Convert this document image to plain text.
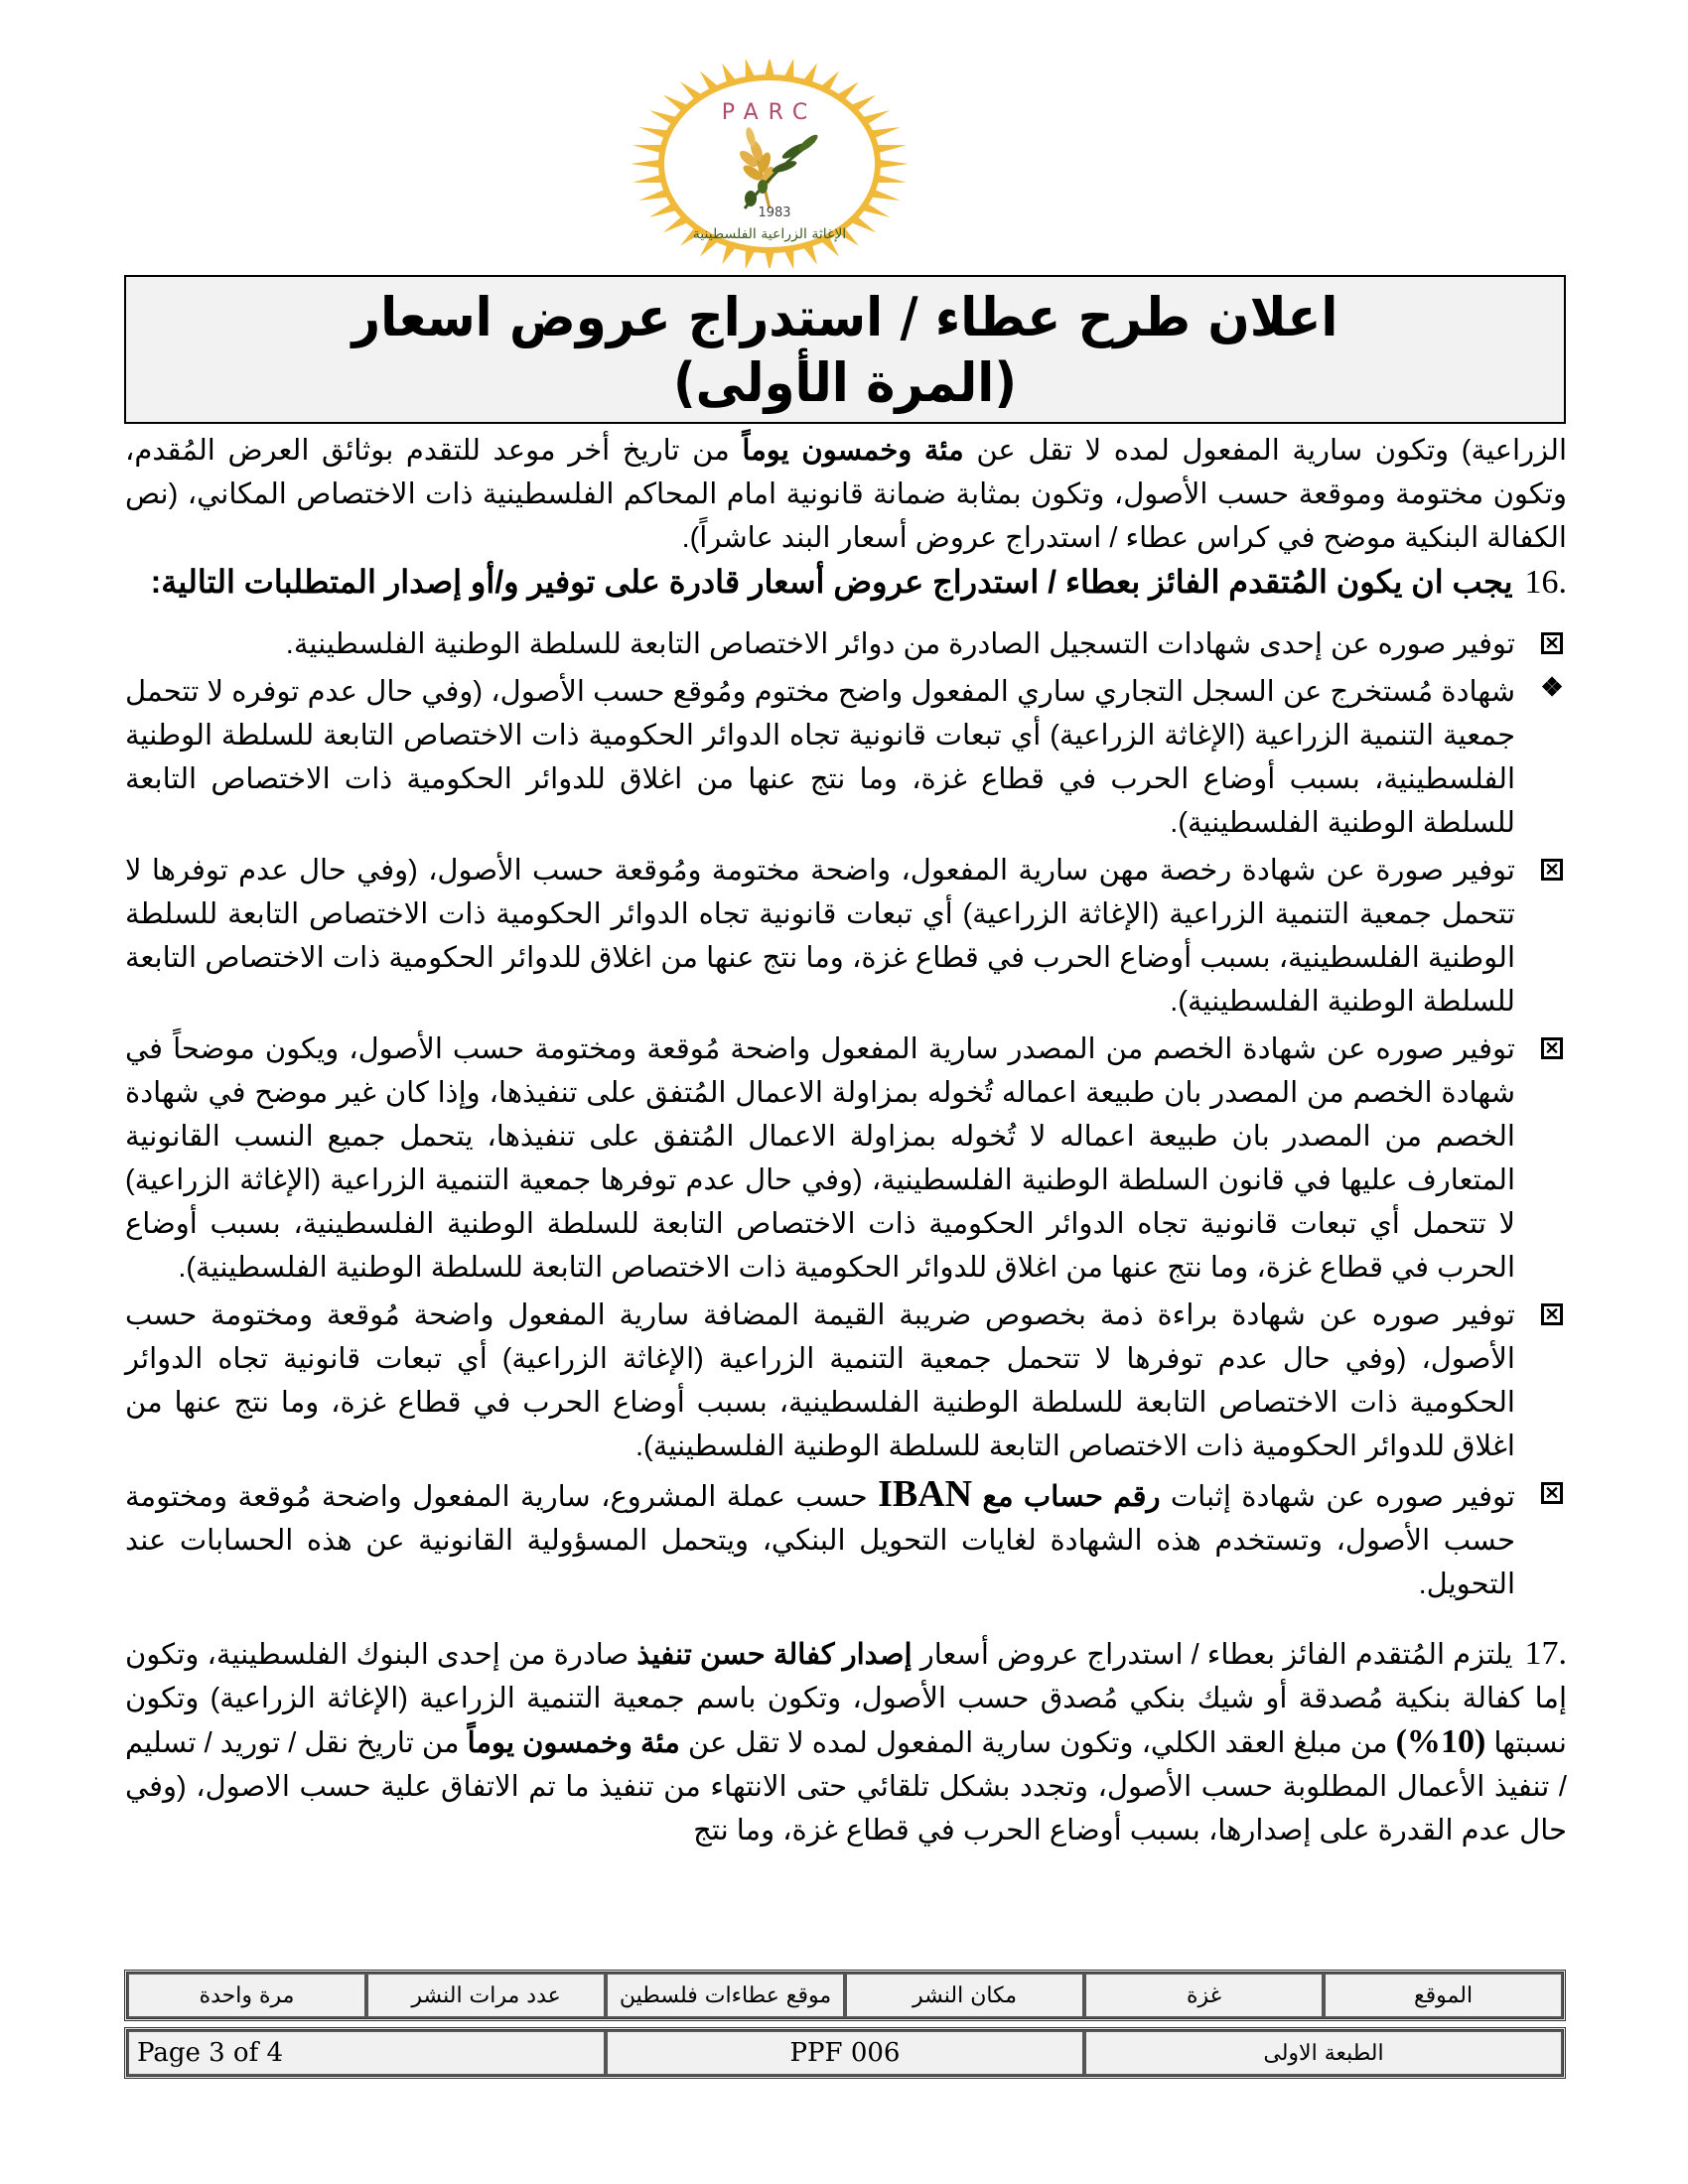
PARC
1983
الإغاثة الزراعية الفلسطينية
اعلان طرح عطاء / استدراج عروض اسعار
(المرة الأولى)

الزراعية) وتكون سارية المفعول لمده لا تقل عن مئة وخمسون يوماً من تاريخ أخر موعد للتقدم بوثائق العرض المُقدم، وتكون مختومة وموقعة حسب الأصول، وتكون بمثابة ضمانة قانونية امام المحاكم الفلسطينية ذات الاختصاص المكاني، (نص الكفالة البنكية موضح في كراس عطاء / استدراج عروض أسعار البند عاشراً).

16.يجب ان يكون المُتقدم الفائز بعطاء / استدراج عروض أسعار قادرة على توفير و/أو إصدار المتطلبات التالية:

✕
توفير صوره عن إحدى شهادات التسجيل الصادرة من دوائر الاختصاص التابعة للسلطة الوطنية الفلسطينية.
❖
شهادة مُستخرج عن السجل التجاري ساري المفعول واضح مختوم ومُوقع حسب الأصول، (وفي حال عدم توفره لا تتحمل جمعية التنمية الزراعية (الإغاثة الزراعية) أي تبعات قانونية تجاه الدوائر الحكومية ذات الاختصاص التابعة للسلطة الوطنية الفلسطينية، بسبب أوضاع الحرب في قطاع غزة، وما نتج عنها من اغلاق للدوائر الحكومية ذات الاختصاص التابعة للسلطة الوطنية الفلسطينية).
✕
توفير صورة عن شهادة رخصة مهن سارية المفعول، واضحة مختومة ومُوقعة حسب الأصول، (وفي حال عدم توفرها لا تتحمل جمعية التنمية الزراعية (الإغاثة الزراعية) أي تبعات قانونية تجاه الدوائر الحكومية ذات الاختصاص التابعة للسلطة الوطنية الفلسطينية، بسبب أوضاع الحرب في قطاع غزة، وما نتج عنها من اغلاق للدوائر الحكومية ذات الاختصاص التابعة للسلطة الوطنية الفلسطينية).
✕
توفير صوره عن شهادة الخصم من المصدر سارية المفعول واضحة مُوقعة ومختومة حسب الأصول، ويكون موضحاً في شهادة الخصم من المصدر بان طبيعة اعماله تُخوله بمزاولة الاعمال المُتفق على تنفيذها، وإذا كان غير موضح في شهادة الخصم من المصدر بان طبيعة اعماله لا تُخوله بمزاولة الاعمال المُتفق على تنفيذها، يتحمل جميع النسب القانونية المتعارف عليها في قانون السلطة الوطنية الفلسطينية، (وفي حال عدم توفرها جمعية التنمية الزراعية (الإغاثة الزراعية) لا تتحمل أي تبعات قانونية تجاه الدوائر الحكومية ذات الاختصاص التابعة للسلطة الوطنية الفلسطينية، بسبب أوضاع الحرب في قطاع غزة، وما نتج عنها من اغلاق للدوائر الحكومية ذات الاختصاص التابعة للسلطة الوطنية الفلسطينية).
✕
توفير صوره عن شهادة براءة ذمة بخصوص ضريبة القيمة المضافة سارية المفعول واضحة مُوقعة ومختومة حسب الأصول، (وفي حال عدم توفرها لا تتحمل جمعية التنمية الزراعية (الإغاثة الزراعية) أي تبعات قانونية تجاه الدوائر الحكومية ذات الاختصاص التابعة للسلطة الوطنية الفلسطينية، بسبب أوضاع الحرب في قطاع غزة، وما نتج عنها من اغلاق للدوائر الحكومية ذات الاختصاص التابعة للسلطة الوطنية الفلسطينية).
✕
توفير صوره عن شهادة إثبات رقم حساب مع IBAN حسب عملة المشروع، سارية المفعول واضحة مُوقعة ومختومة حسب الأصول، وتستخدم هذه الشهادة لغايات التحويل البنكي، ويتحمل المسؤولية القانونية عن هذه الحسابات عند التحويل.

17.يلتزم المُتقدم الفائز بعطاء / استدراج عروض أسعار إصدار كفالة حسن تنفيذ صادرة من إحدى البنوك الفلسطينية، وتكون إما كفالة بنكية مُصدقة أو شيك بنكي مُصدق حسب الأصول، وتكون باسم جمعية التنمية الزراعية (الإغاثة الزراعية) وتكون نسبتها (10%) من مبلغ العقد الكلي، وتكون سارية المفعول لمده لا تقل عن مئة وخمسون يوماً من تاريخ نقل / توريد / تسليم / تنفيذ الأعمال المطلوبة حسب الأصول، وتجدد بشكل تلقائي حتى الانتهاء من تنفيذ ما تم الاتفاق علية حسب الاصول، (وفي حال عدم القدرة على إصدارها، بسبب أوضاع الحرب في قطاع غزة، وما نتج

الموقع	غزة	مكان النشر	موقع عطاءات فلسطين	عدد مرات النشر	مرة واحدة
الطبعة الاولى	PPF 006	Page 3 of 4
